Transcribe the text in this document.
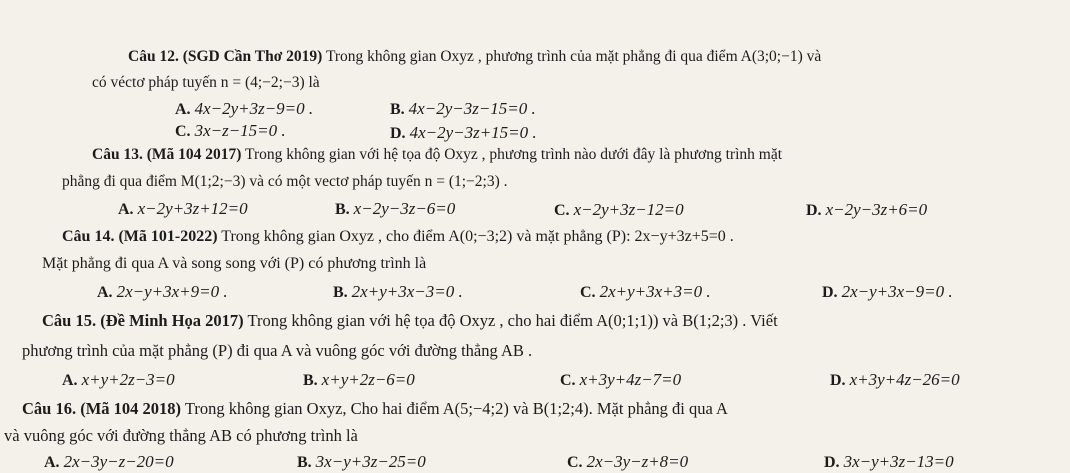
Câu 12. (SGD Cần Thơ 2019) Trong không gian Oxyz , phương trình của mặt phẳng đi qua điểm A(3;0;−1) và
có véctơ pháp tuyến n = (4;−2;−3) là
A. 4x−2y+3z−9=0 .	B. 4x−2y−3z−15=0 .
C. 3x−z−15=0 .	D. 4x−2y−3z+15=0 .
Câu 13. (Mã 104 2017) Trong không gian với hệ tọa độ Oxyz , phương trình nào dưới đây là phương trình mặt
phẳng đi qua điểm M(1;2;−3) và có một vectơ pháp tuyến n = (1;−2;3) .
A. x−2y+3z+12=0	B. x−2y−3z−6=0	C. x−2y+3z−12=0	D. x−2y−3z+6=0
Câu 14. (Mã 101-2022) Trong không gian Oxyz , cho điểm A(0;−3;2) và mặt phẳng (P): 2x−y+3z+5=0 .
Mặt phẳng đi qua A và song song với (P) có phương trình là
A. 2x−y+3x+9=0 .	B. 2x+y+3x−3=0 .	C. 2x+y+3x+3=0 .	D. 2x−y+3x−9=0 .
Câu 15. (Đề Minh Họa 2017) Trong không gian với hệ tọa độ Oxyz , cho hai điểm A(0;1;1)) và B(1;2;3) . Viết
phương trình của mặt phẳng (P) đi qua A và vuông góc với đường thẳng AB .
A. x+y+2z−3=0	B. x+y+2z−6=0	C. x+3y+4z−7=0	D. x+3y+4z−26=0
Câu 16. (Mã 104 2018) Trong không gian Oxyz, Cho hai điểm A(5;−4;2) và B(1;2;4). Mặt phẳng đi qua A
và vuông góc với đường thẳng AB có phương trình là
A. 2x−3y−z−20=0	B. 3x−y+3z−25=0	C. 2x−3y−z+8=0	D. 3x−y+3z−13=0
